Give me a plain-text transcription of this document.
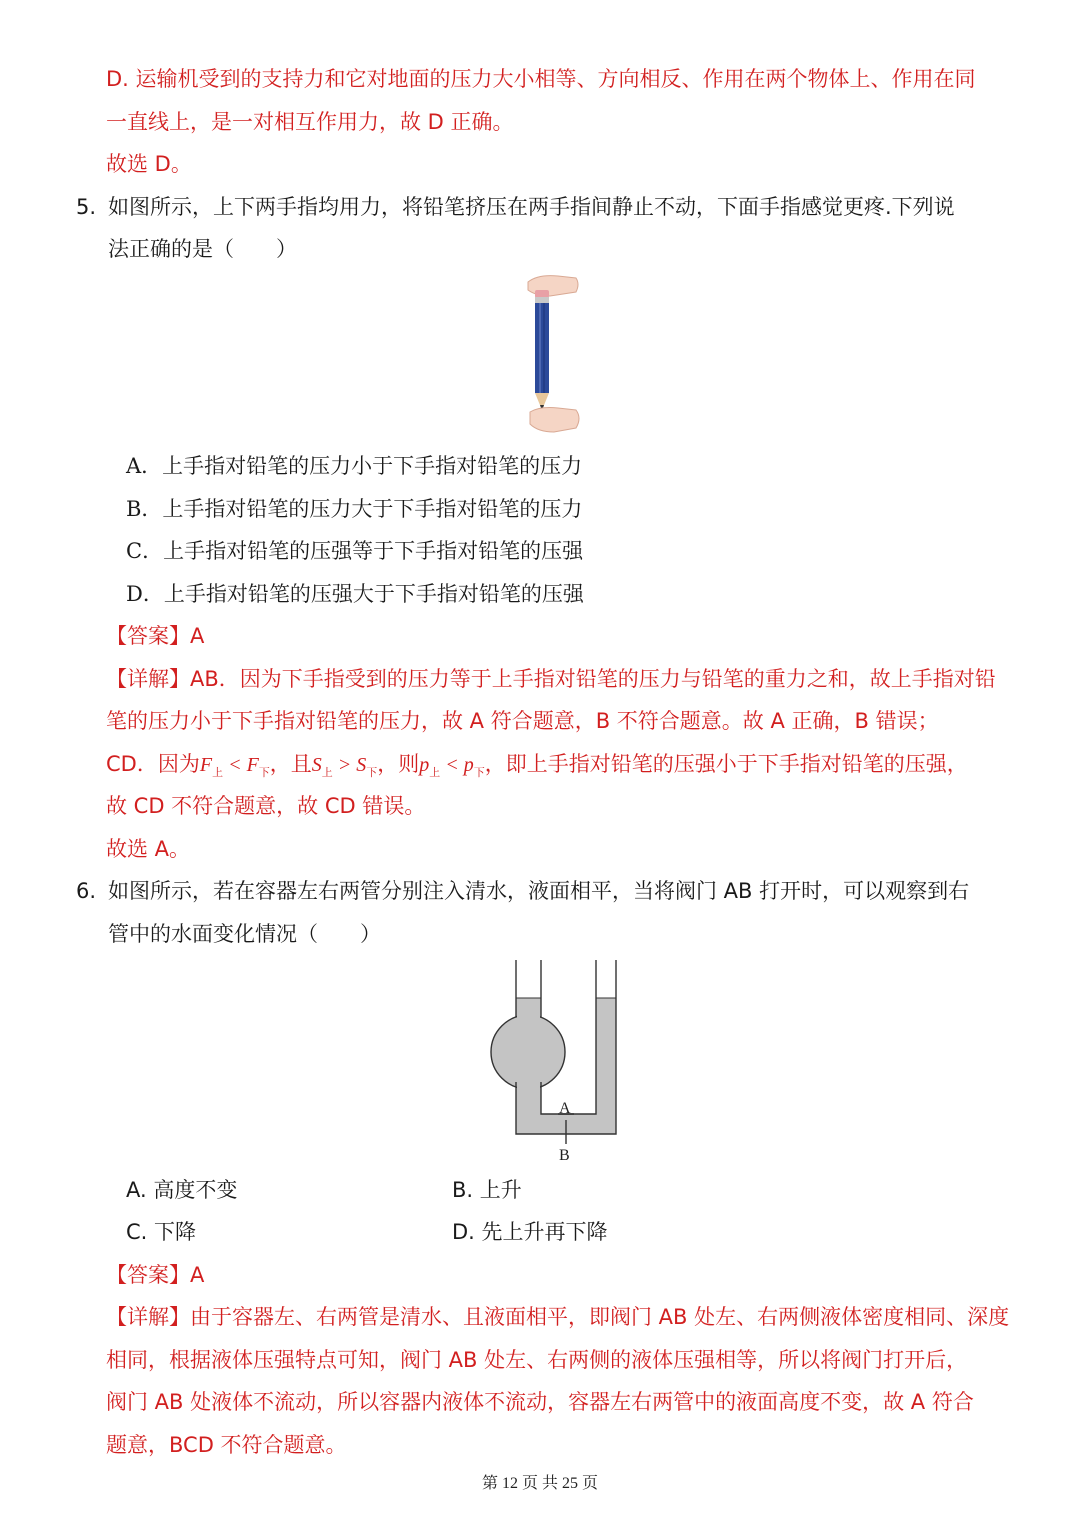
D. 运输机受到的支持力和它对地面的压力大小相等、方向相反、作用在两个物体上、作用在同
一直线上，是一对相互作用力，故 D 正确。
故选 D。
5. 如图所示，上下两手指均用力，将铅笔挤压在两手指间静止不动，下面手指感觉更疼.下列说
法正确的是（　　）
A．上手指对铅笔的压力小于下手指对铅笔的压力
B．上手指对铅笔的压力大于下手指对铅笔的压力
C．上手指对铅笔的压强等于下手指对铅笔的压强
D．上手指对铅笔的压强大于下手指对铅笔的压强
【答案】A
【详解】AB．因为下手指受到的压力等于上手指对铅笔的压力与铅笔的重力之和，故上手指对铅
笔的压力小于下手指对铅笔的压力，故 A 符合题意，B 不符合题意。故 A 正确，B 错误；
CD．因为$F_上 < F_下$，且$S_上 > S_下$，则$p_上 < p_下$，即上手指对铅笔的压强小于下手指对铅笔的压强，
故 CD 不符合题意，故 CD 错误。
故选 A。
6. 如图所示，若在容器左右两管分别注入清水，液面相平，当将阀门 AB 打开时，可以观察到右
管中的水面变化情况（　　）
A
B
A. 高度不变	B. 上升
C. 下降	D. 先上升再下降
【答案】A
【详解】由于容器左、右两管是清水、且液面相平，即阀门 AB 处左、右两侧液体密度相同、深度
相同，根据液体压强特点可知，阀门 AB 处左、右两侧的液体压强相等，所以将阀门打开后，
阀门 AB 处液体不流动，所以容器内液体不流动，容器左右两管中的液面高度不变，故 A 符合
题意，BCD 不符合题意。
第 12 页 共 25 页
